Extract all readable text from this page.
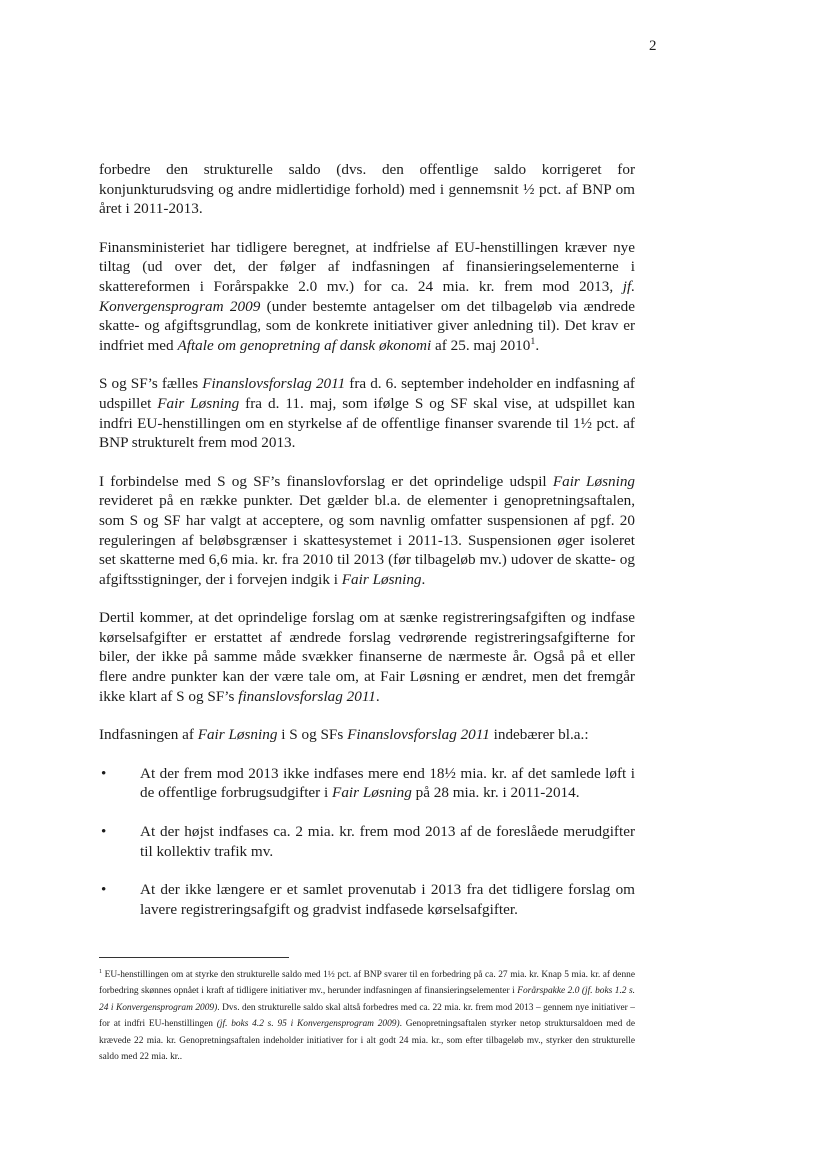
2

forbedre den strukturelle saldo (dvs. den offentlige saldo korrigeret for konjunkturudsving og andre midlertidige forhold) med i gennemsnit ½ pct. af BNP om året i 2011-2013.

Finansministeriet har tidligere beregnet, at indfrielse af EU-henstillingen kræver nye tiltag (ud over det, der følger af indfasningen af finansieringselementerne i skattereformen i Forårspakke 2.0 mv.) for ca. 24 mia. kr. frem mod 2013, jf. Konvergensprogram 2009 (under bestemte antagelser om det tilbageløb via ændrede skatte- og afgiftsgrundlag, som de konkrete initiativer giver anledning til). Det krav er indfriet med Aftale om genopretning af dansk økonomi af 25. maj 2010$^1$.

S og SF’s fælles Finanslovsforslag 2011 fra d. 6. september indeholder en indfasning af udspillet Fair Løsning fra d. 11. maj, som ifølge S og SF skal vise, at udspillet kan indfri EU-henstillingen om en styrkelse af de offentlige finanser svarende til 1½ pct. af BNP strukturelt frem mod 2013.

I forbindelse med S og SF’s finanslovforslag er det oprindelige udspil Fair Løsning revideret på en række punkter. Det gælder bl.a. de elementer i genopretningsaftalen, som S og SF har valgt at acceptere, og som navnlig omfatter suspensionen af pgf. 20 reguleringen af beløbsgrænser i skattesystemet i 2011-13. Suspensionen øger isoleret set skatterne med 6,6 mia. kr. fra 2010 til 2013 (før tilbageløb mv.) udover de skatte- og afgiftsstigninger, der i forvejen indgik i Fair Løsning.

Dertil kommer, at det oprindelige forslag om at sænke registreringsafgiften og indfase kørselsafgifter er erstattet af ændrede forslag vedrørende registreringsafgifterne for biler, der ikke på samme måde svækker finanserne de nærmeste år. Også på et eller flere andre punkter kan der være tale om, at Fair Løsning er ændret, men det fremgår ikke klart af S og SF’s finanslovsforslag 2011.

Indfasningen af Fair Løsning i S og SFs Finanslovsforslag 2011 indebærer bl.a.:

• At der frem mod 2013 ikke indfases mere end 18½ mia. kr. af det samlede løft i de offentlige forbrugsudgifter i Fair Løsning på 28 mia. kr. i 2011-2014.
• At der højst indfases ca. 2 mia. kr. frem mod 2013 af de foreslåede merudgifter til kollektiv trafik mv.
• At der ikke længere er et samlet provenutab i 2013 fra det tidligere forslag om lavere registreringsafgift og gradvist indfasede kørselsafgifter.
$^1$ EU-henstillingen om at styrke den strukturelle saldo med 1½ pct. af BNP svarer til en forbedring på ca. 27 mia. kr. Knap 5 mia. kr. af denne forbedring skønnes opnået i kraft af tidligere initiativer mv., herunder indfasningen af finansieringselementer i Forårspakke 2.0 (jf. boks 1.2 s. 24 i Konvergensprogram 2009). Dvs. den strukturelle saldo skal altså forbedres med ca. 22 mia. kr. frem mod 2013 – gennem nye initiativer – for at indfri EU-henstillingen (jf. boks 4.2 s. 95 i Konvergensprogram 2009). Genopretningsaftalen styrker netop struktursaldoen med de krævede 22 mia. kr. Genopretningsaftalen indeholder initiativer for i alt godt 24 mia. kr., som efter tilbageløb mv., styrker den strukturelle saldo med 22 mia. kr..
